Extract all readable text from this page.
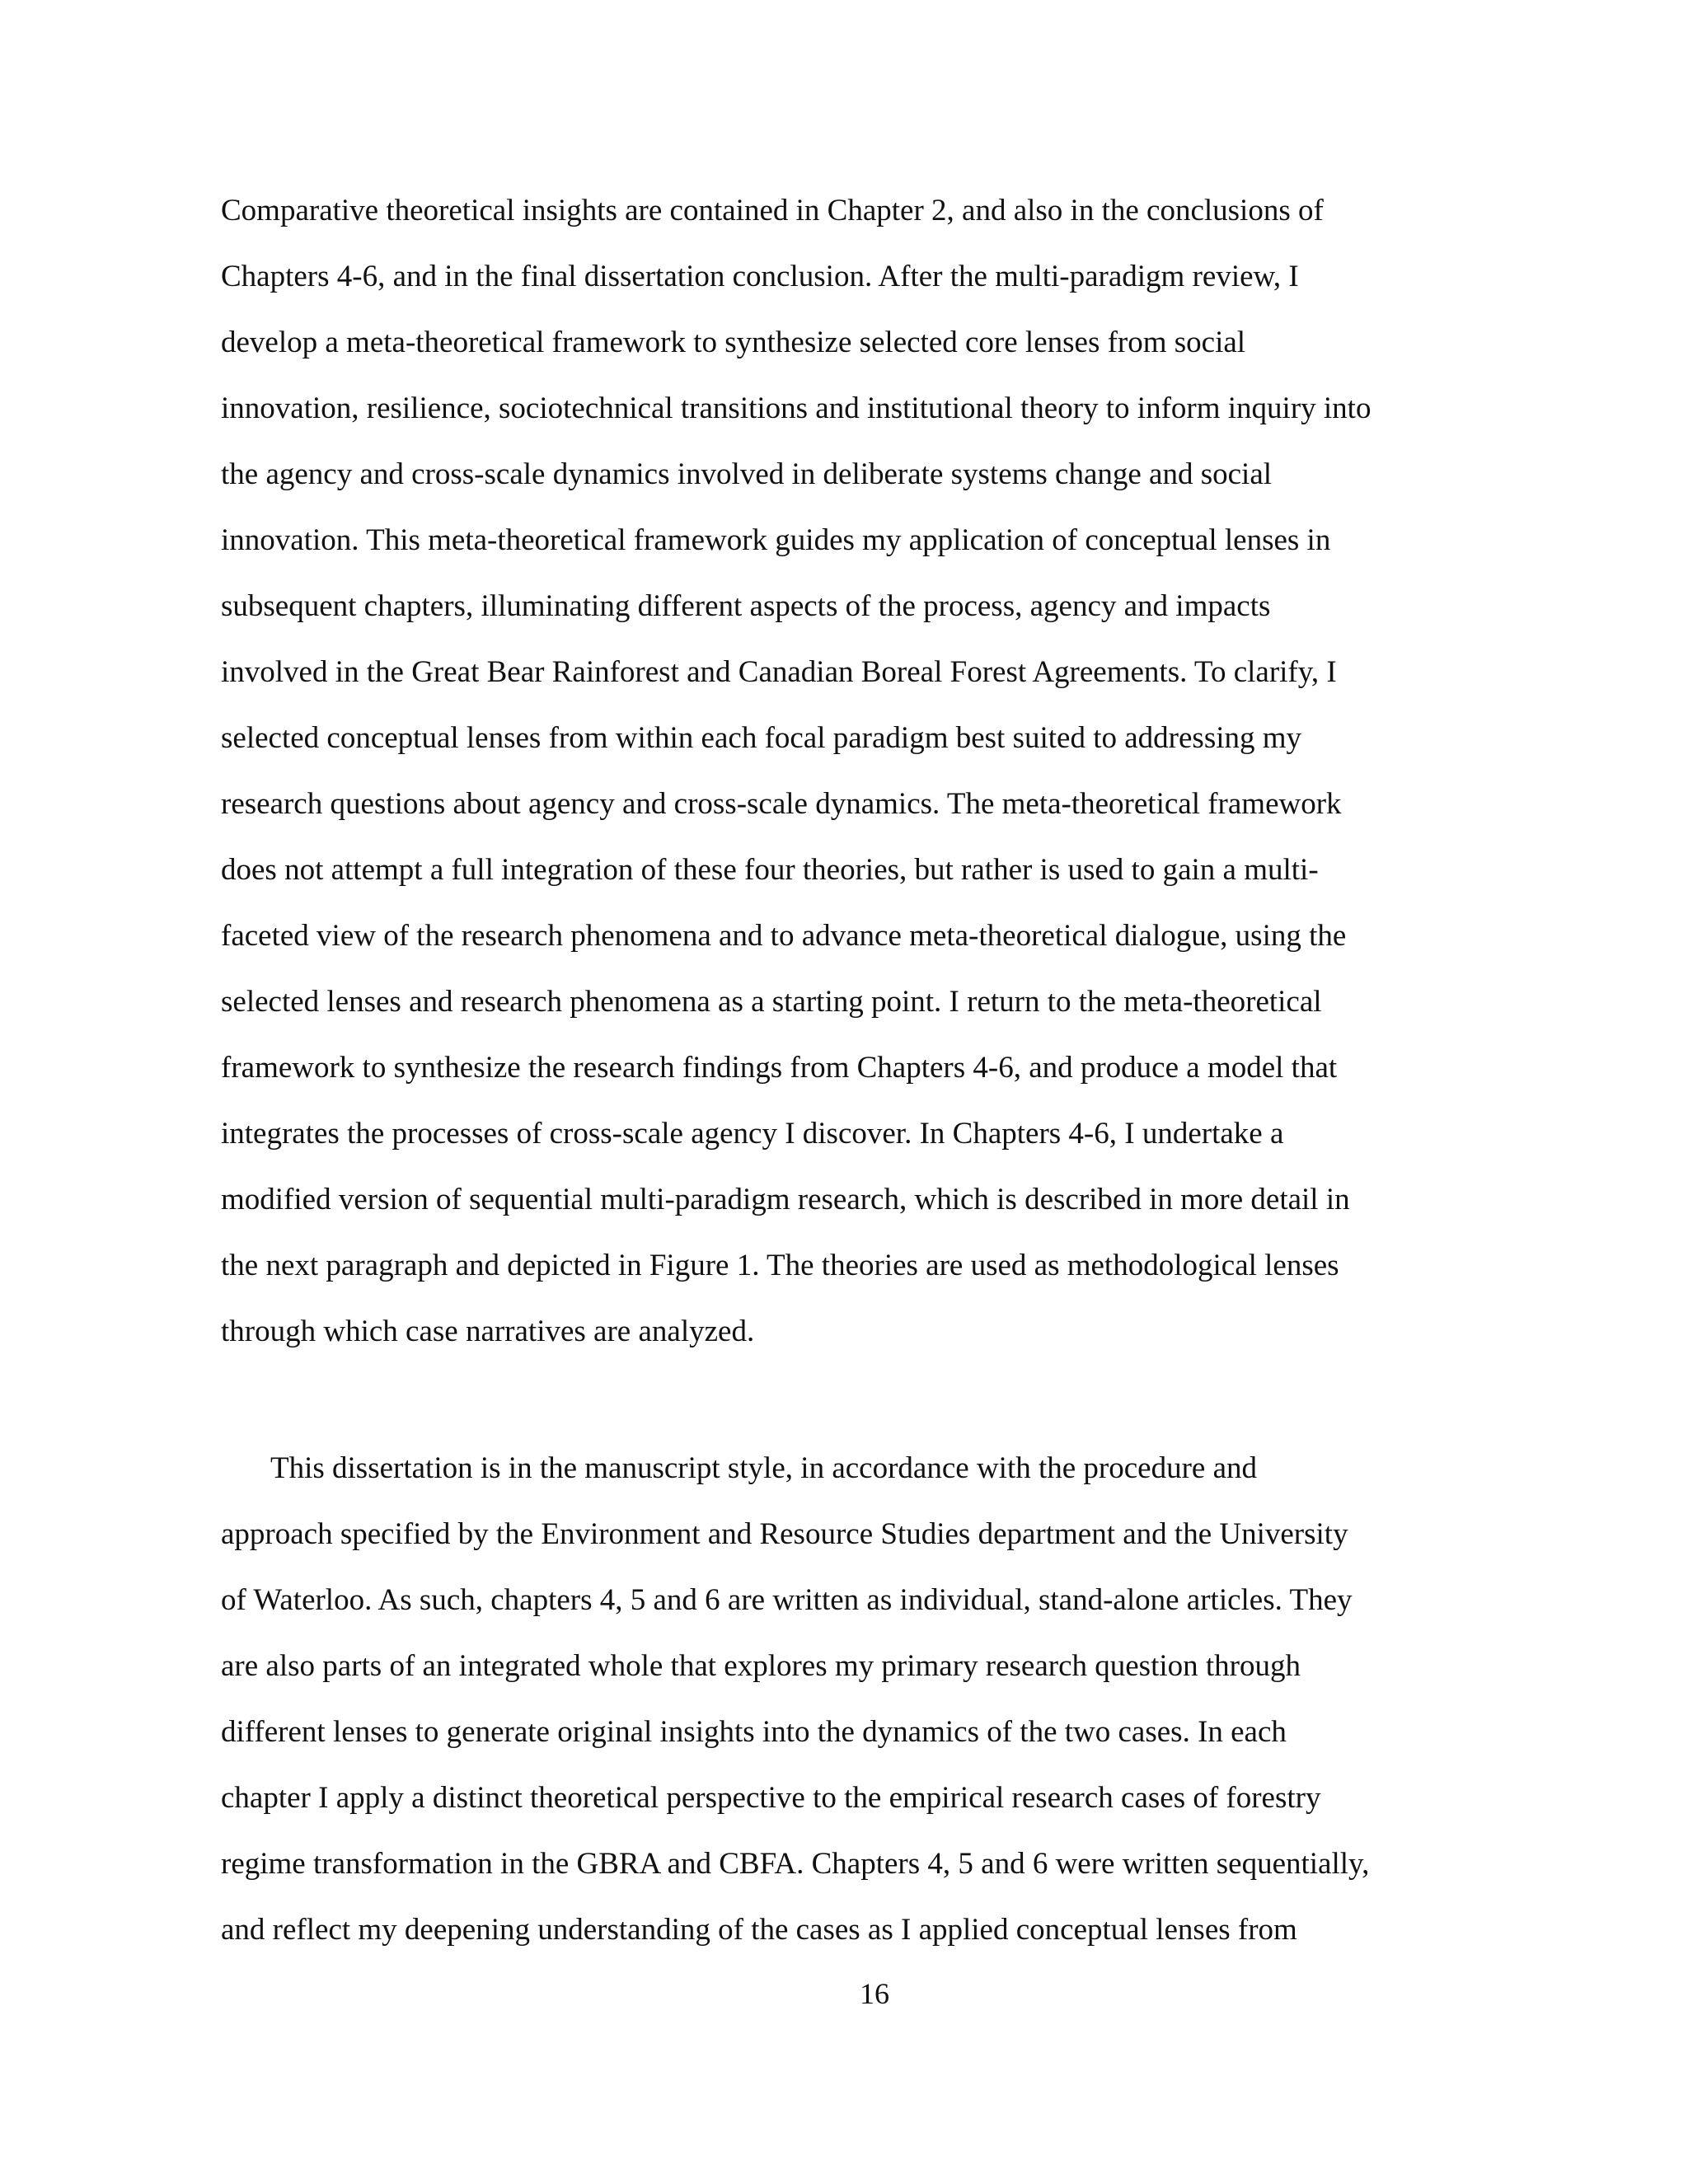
Comparative theoretical insights are contained in Chapter 2, and also in the conclusions of
Chapters 4-6, and in the final dissertation conclusion. After the multi-paradigm review, I
develop a meta-theoretical framework to synthesize selected core lenses from social
innovation, resilience, sociotechnical transitions and institutional theory to inform inquiry into
the agency and cross-scale dynamics involved in deliberate systems change and social
innovation. This meta-theoretical framework guides my application of conceptual lenses in
subsequent chapters, illuminating different aspects of the process, agency and impacts
involved in the Great Bear Rainforest and Canadian Boreal Forest Agreements. To clarify, I
selected conceptual lenses from within each focal paradigm best suited to addressing my
research questions about agency and cross-scale dynamics. The meta-theoretical framework
does not attempt a full integration of these four theories, but rather is used to gain a multi-
faceted view of the research phenomena and to advance meta-theoretical dialogue, using the
selected lenses and research phenomena as a starting point. I return to the meta-theoretical
framework to synthesize the research findings from Chapters 4-6, and produce a model that
integrates the processes of cross-scale agency I discover. In Chapters 4-6, I undertake a
modified version of sequential multi-paradigm research, which is described in more detail in
the next paragraph and depicted in Figure 1. The theories are used as methodological lenses
through which case narratives are analyzed.
This dissertation is in the manuscript style, in accordance with the procedure and
approach specified by the Environment and Resource Studies department and the University
of Waterloo. As such, chapters 4, 5 and 6 are written as individual, stand-alone articles. They
are also parts of an integrated whole that explores my primary research question through
different lenses to generate original insights into the dynamics of the two cases. In each
chapter I apply a distinct theoretical perspective to the empirical research cases of forestry
regime transformation in the GBRA and CBFA. Chapters 4, 5 and 6 were written sequentially,
and reflect my deepening understanding of the cases as I applied conceptual lenses from
16
